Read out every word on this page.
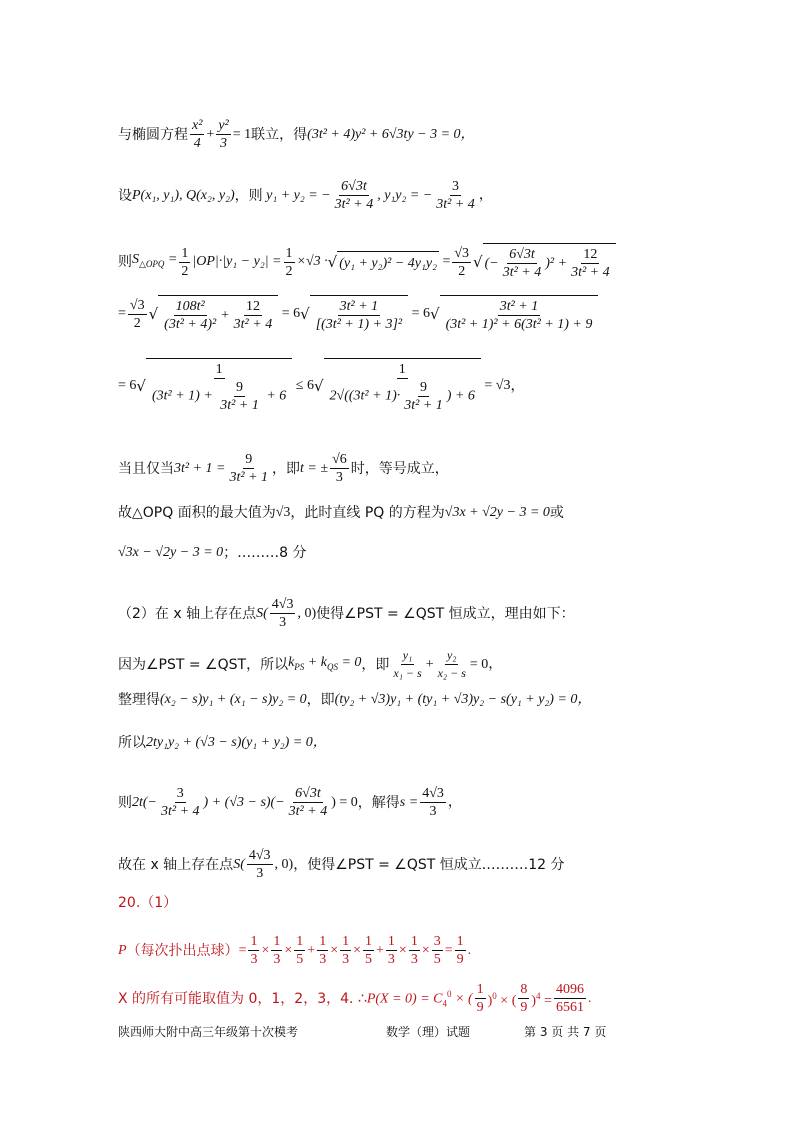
与椭圆方程 $\frac{\text{x²}}{4} + \frac{\text{y²}}{3} = 1$ 联立，得 (3t² + 4)y² + 6√3ty − 3 = 0，
设 P(x₁, y₁), Q(x₂, y₂) ，则 y₁ + y₂ = − $\frac{6√3t}{\text{3t² + 4}}$ , y₁y₂ = − $\frac{3}{\text{3t² + 4}}$ ，
则 $S_{\triangle OPQ} = \frac{1}{2} |OP|\cdot|y_1 - y_2| = \frac{1}{2} \times√3$ · √ $(y_1 + y_2)^2 - 4y_1y_2 = \frac{√3}{2}$ √ (− $\frac{6√3t}{\text{3t² + 4}} )^2 + \frac{12}{\text{3t² + 4}}$
= $\frac{√3}{2}$ √ $\frac{\text{108t²}}{\text{(3t² + 4)²}} + \frac{12}{\text{3t² + 4}} = 6$ √ $\frac{\text{3t² + 1}}{\text{[(3t² + 1) + 3]²}} = 6$ √ $\frac{\text{3t² + 1}}{\text{(3t² + 1)² + 6(3t² + 1) + 9}}$
= 6 √ $\frac{1}{(3t^2 + 1) + \frac{9}{\text{3t² + 1}} + 6} \le 6$ √ $\frac{1}{2√((3t^2 + 1)\cdot \frac{9}{\text{3t² + 1}} ) + 6} = √3$ ，
当且仅当 $3t^2 + 1 = \frac{9}{\text{3t² + 1}}$ ，即 t = ± $\frac{√6}{3}$ 时，等号成立，
故△OPQ 面积的最大值为 √3 ，此时直线 PQ 的方程为 √3x + √2y − 3 = 0 或
√3x − √2y − 3 = 0 ；………8 分
（2）在 x 轴上存在点 $S( \frac{4√3}{3}$ , 0) 使得∠PST = ∠QST 恒成立，理由如下：
因为∠PST = ∠QST，所以 $k_{PS} + k_{QS} = 0$ ，即 $\frac{\text{y₁}}{\text{x₁ − s}} + \frac{\text{y₂}}{\text{x₂ − s}} = 0$，
整理得 (x₂ − s)y₁ + (x₁ − s)y₂ = 0 ，即 (ty₂ + √3)y₁ + (ty₁ + √3)y₂ − s(y₁ + y₂) = 0，
所以 2ty₁y₂ + (√3 − s)(y₁ + y₂) = 0，
则 $2t(- \frac{3}{\text{3t² + 4}}$ ) + $(√3 - s)(- \frac{6√3t}{\text{3t² + 4}}$ ) = 0 ，解得 $s = \frac{4√3}{3}$ ，
故在 x 轴上存在点 $S( \frac{4√3}{3}$ , 0) ，使得∠PST = ∠QST 恒成立.………12 分
20.（1）
P （每次扑出点球） = $\frac{1}{3} \times \frac{1}{3} \times \frac{1}{5} + \frac{1}{3} \times \frac{1}{3} \times \frac{1}{5} + \frac{1}{3} \times \frac{1}{3} \times \frac{3}{5} = \frac{1}{9}$ .
X 的所有可能取值为 0，1，2，3，4. ∴ $P(X = 0) = C_4^0$ × ( $\frac{1}{9} )^0$ × ( $\frac{8}{9} )^4 = \frac{4096}{6561}$ .
陕西师大附中高三年级第十次模考	数学（理）试题	第 3 页 共 7 页
